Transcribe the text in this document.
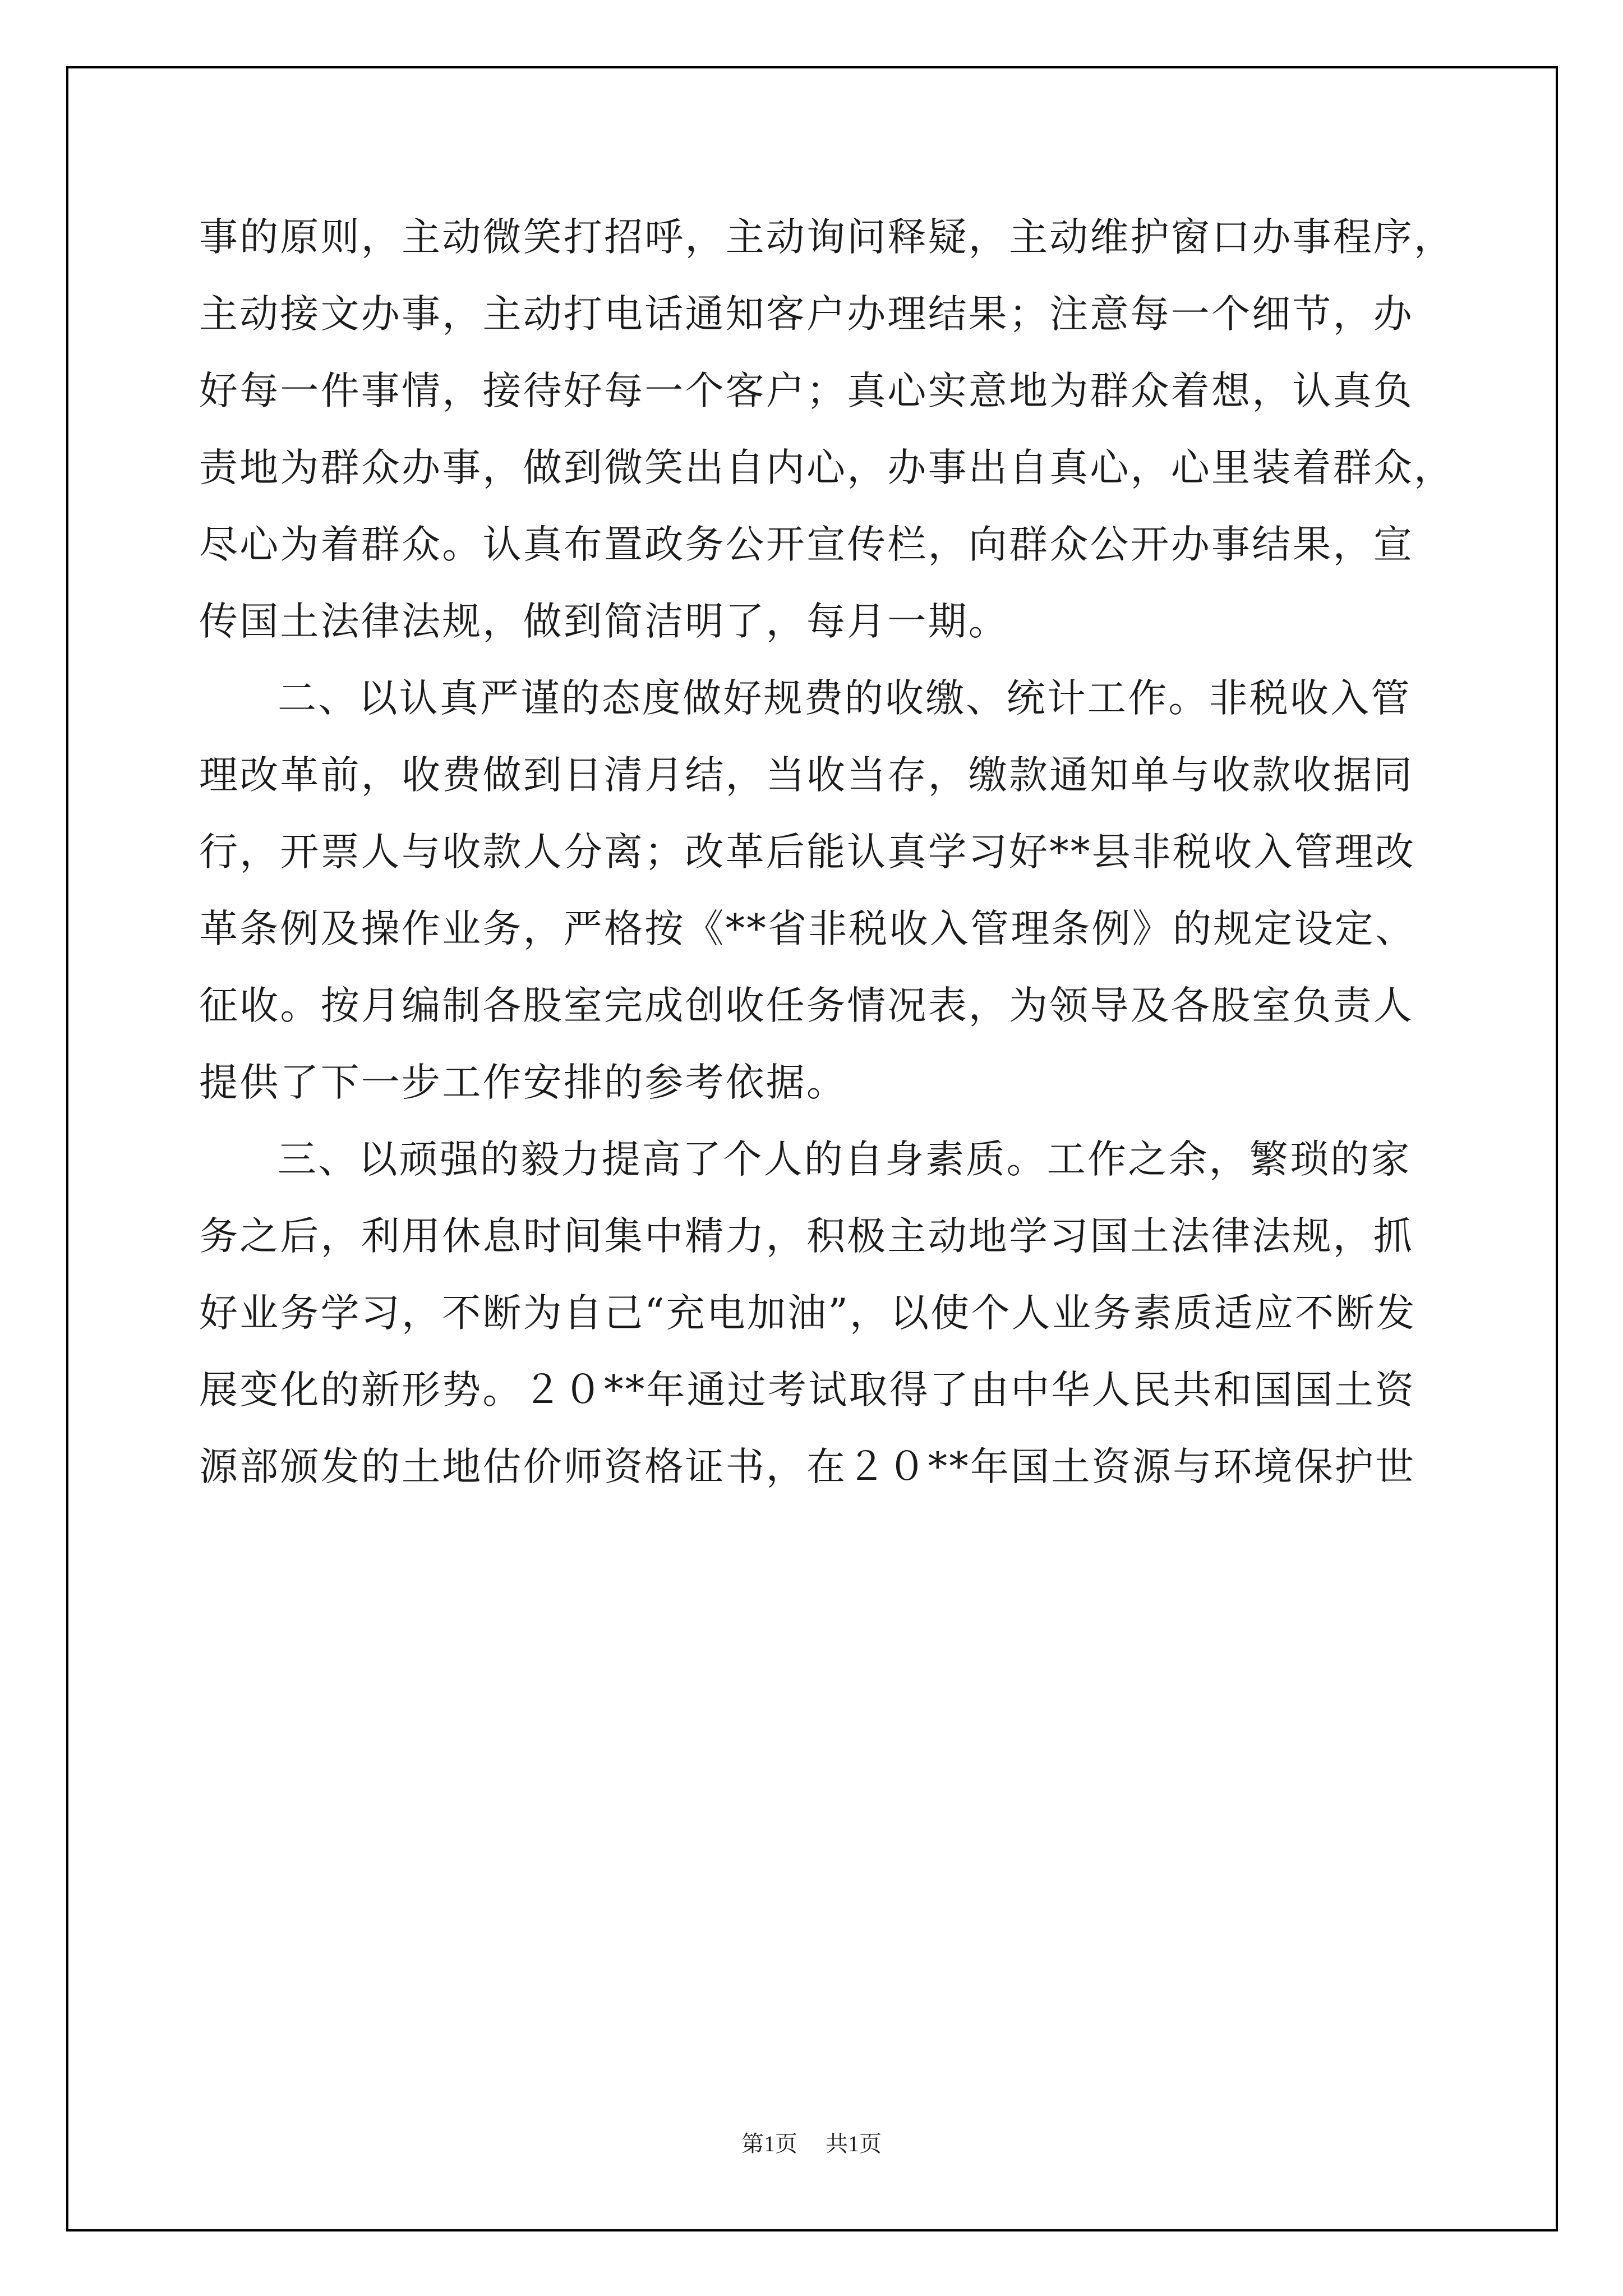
事的原则，主动微笑打招呼，主动询问释疑，主动维护窗口办事程序，
主动接文办事，主动打电话通知客户办理结果；注意每一个细节，办
好每一件事情，接待好每一个客户；真心实意地为群众着想，认真负
责地为群众办事，做到微笑出自内心，办事出自真心，心里装着群众，
尽心为着群众。认真布置政务公开宣传栏，向群众公开办事结果，宣
传国土法律法规，做到简洁明了，每月一期。
二、以认真严谨的态度做好规费的收缴、统计工作。非税收入管
理改革前，收费做到日清月结，当收当存，缴款通知单与收款收据同
行，开票人与收款人分离；改革后能认真学习好**县非税收入管理改
革条例及操作业务，严格按《**省非税收入管理条例》的规定设定、
征收。按月编制各股室完成创收任务情况表，为领导及各股室负责人
提供了下一步工作安排的参考依据。
三、以顽强的毅力提高了个人的自身素质。工作之余，繁琐的家
务之后，利用休息时间集中精力，积极主动地学习国土法律法规，抓
好业务学习，不断为自己“充电加油”，以使个人业务素质适应不断发
展变化的新形势。２０**年通过考试取得了由中华人民共和国国土资
源部颁发的土地估价师资格证书，在２０**年国土资源与环境保护世
第1页 共1页
